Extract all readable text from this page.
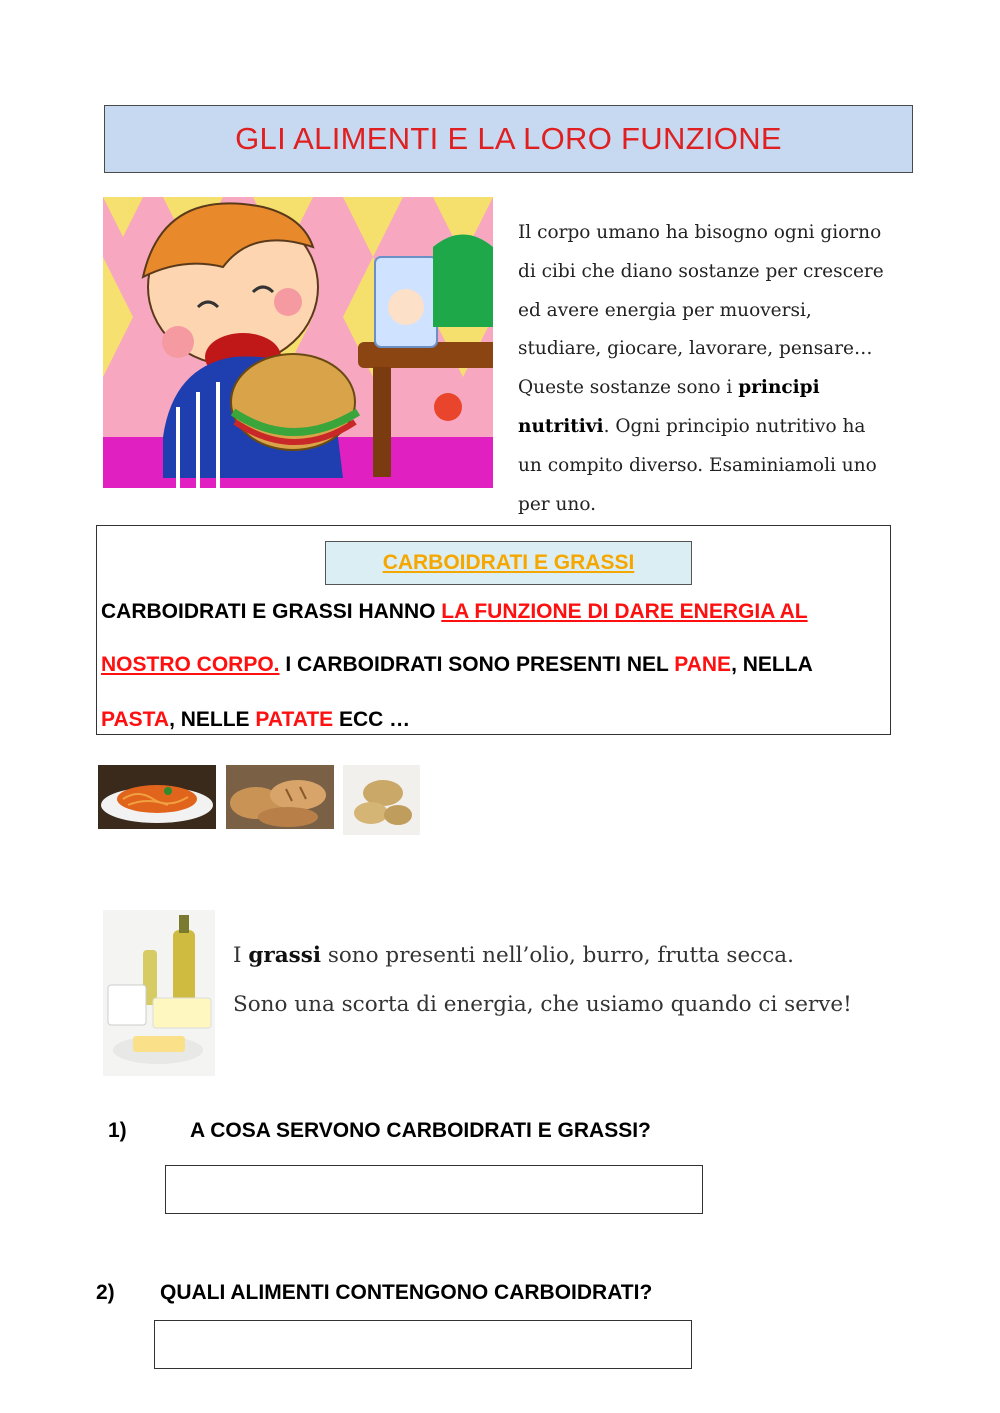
GLI ALIMENTI E LA LORO FUNZIONE
Il corpo umano ha bisogno ogni giorno
di cibi che diano sostanze per crescere
ed avere energia per muoversi,
studiare, giocare, lavorare, pensare…
Queste sostanze sono i principi
nutritivi. Ogni principio nutritivo ha
un compito diverso. Esaminiamoli uno
per uno.
CARBOIDRATI E GRASSI
CARBOIDRATI E GRASSI HANNO LA FUNZIONE DI DARE ENERGIA AL
NOSTRO CORPO. I CARBOIDRATI SONO PRESENTI NEL PANE, NELLA
PASTA, NELLE PATATE ECC …
I grassi sono presenti nell’olio, burro, frutta secca.
Sono una scorta di energia, che usiamo quando ci serve!
1)	A COSA SERVONO CARBOIDRATI E GRASSI?
2) QUALI ALIMENTI CONTENGONO CARBOIDRATI?
